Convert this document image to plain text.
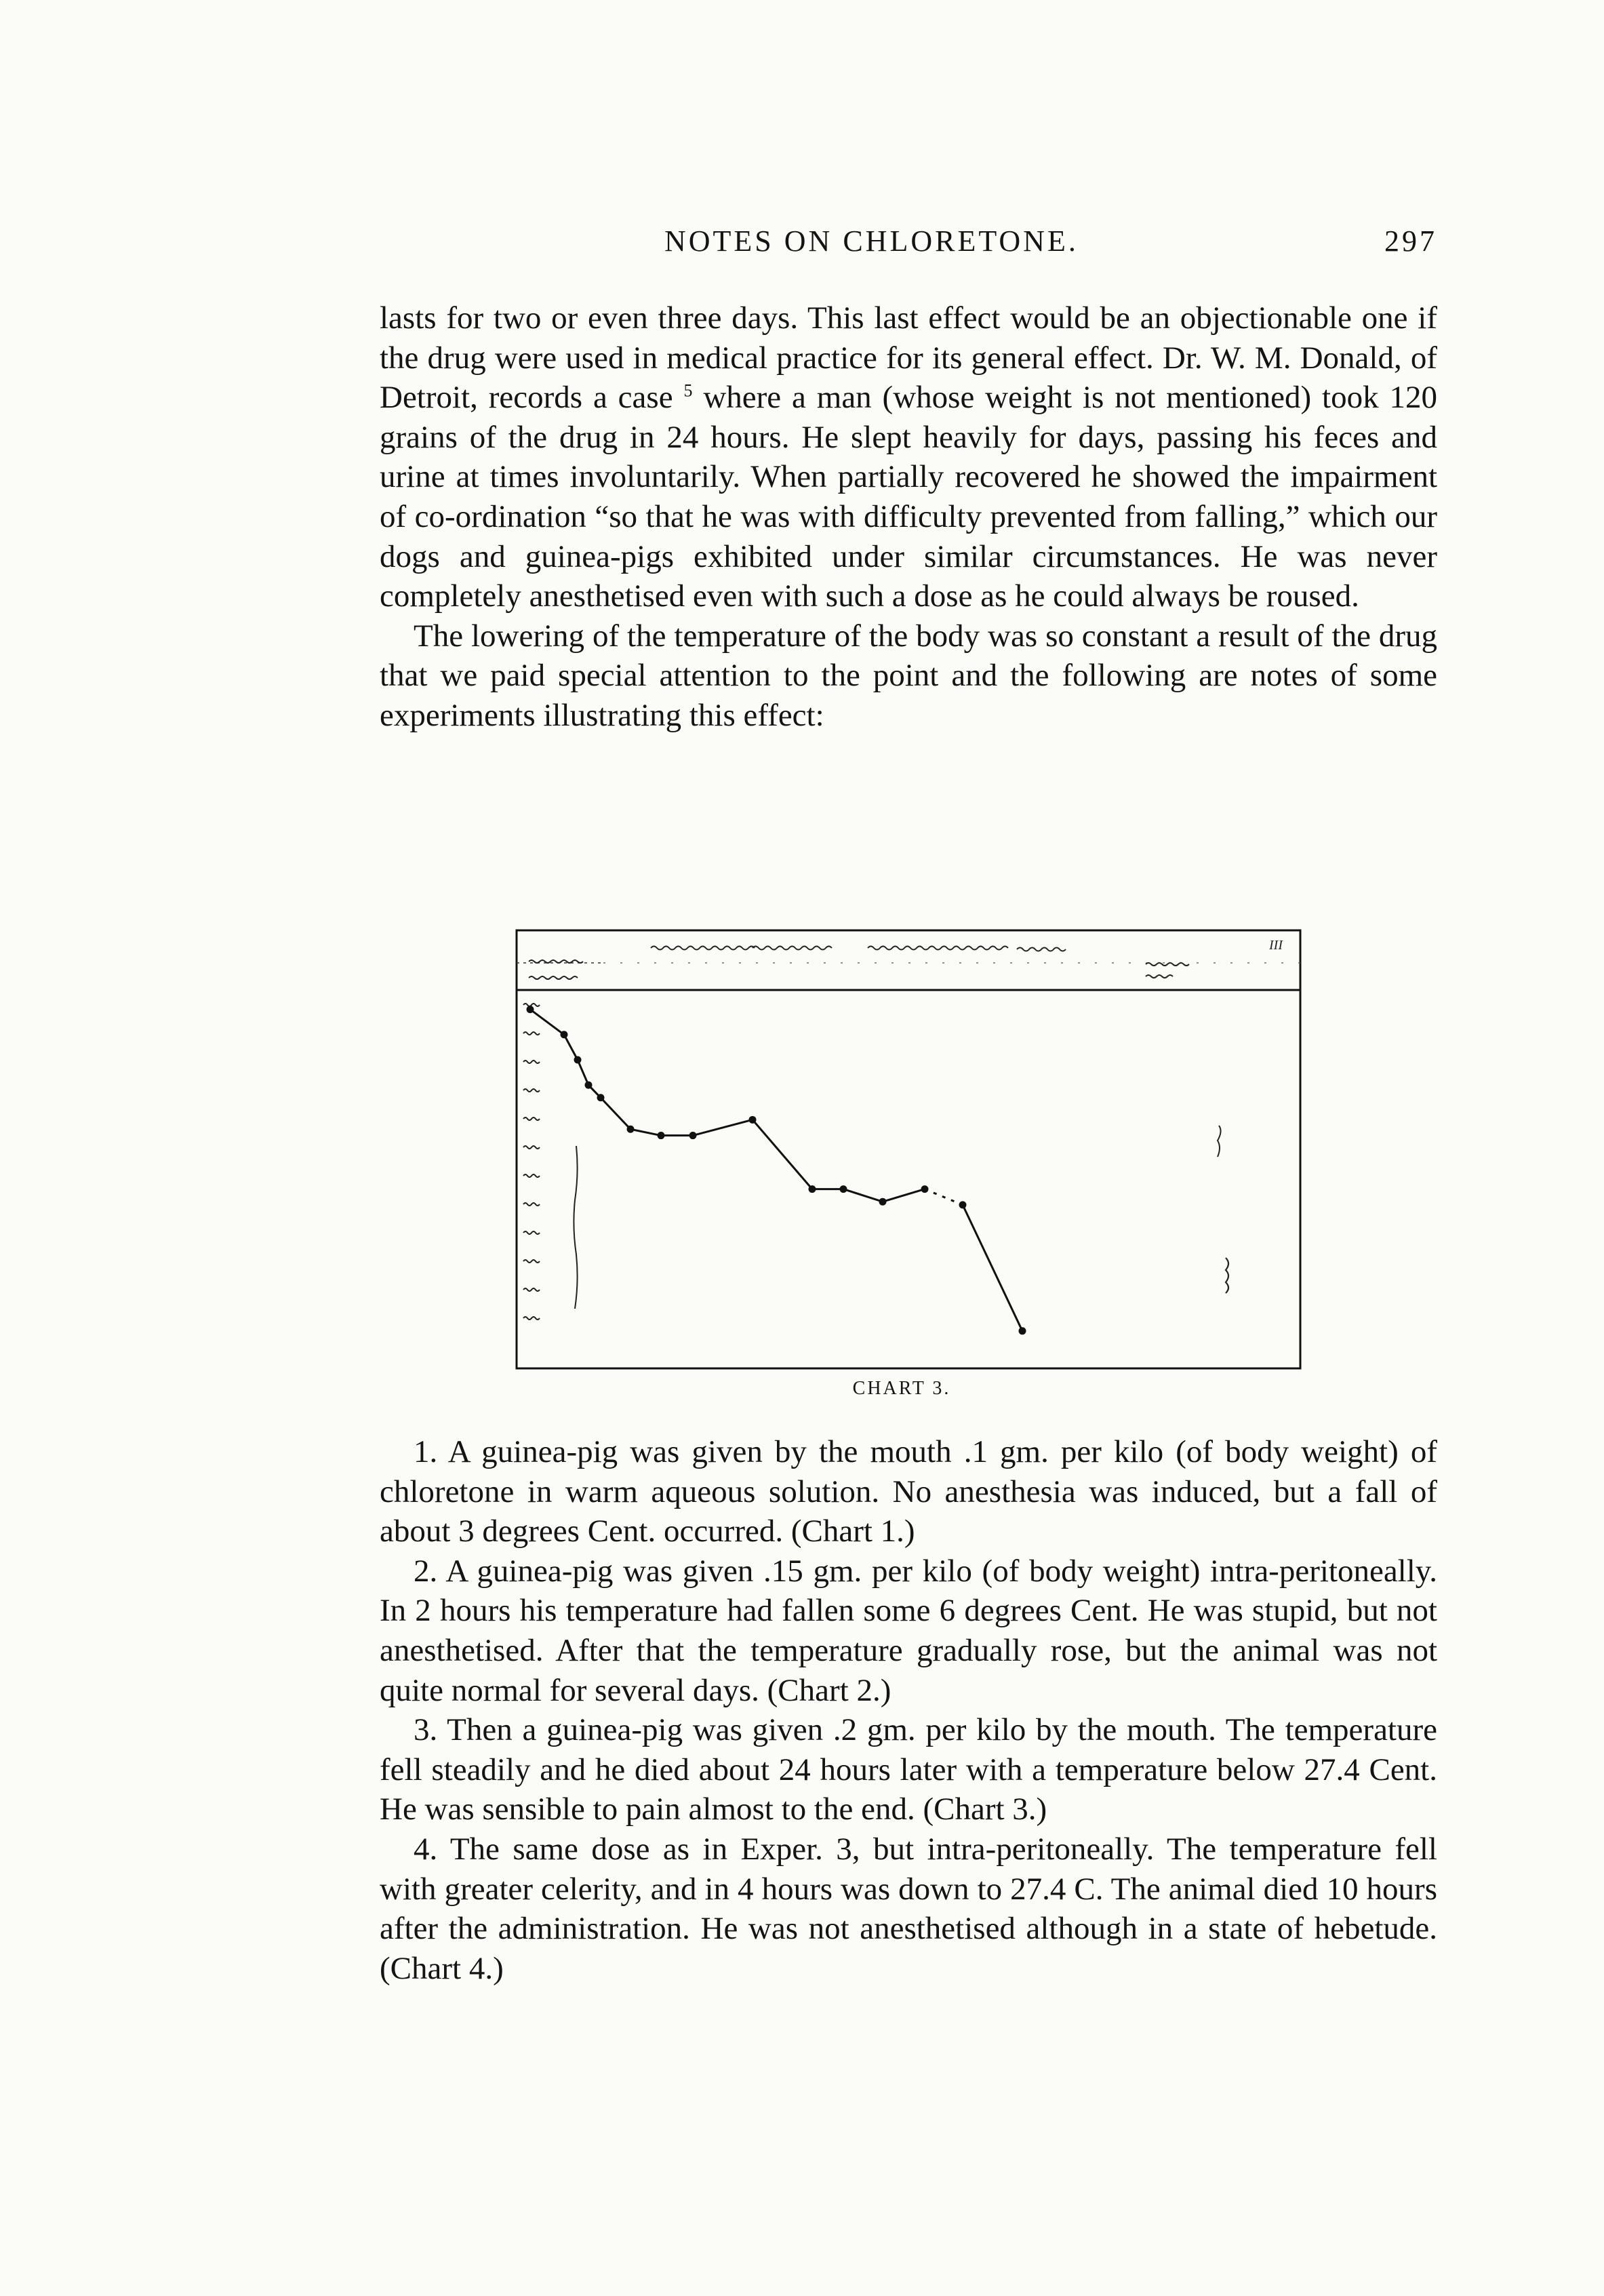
NOTES ON CHLORETONE.	297

lasts for two or even three days. This last effect would be an objectionable one if the drug were used in medical practice for its general effect. Dr. W. M. Donald, of Detroit, records a case $^5$ where a man (whose weight is not mentioned) took 120 grains of the drug in 24 hours. He slept heavily for days, passing his feces and urine at times involuntarily. When partially recovered he showed the impairment of co-ordination “so that he was with difficulty prevented from falling,” which our dogs and guinea-pigs exhibited under similar circumstances. He was never completely anesthetised even with such a dose as he could always be roused.

The lowering of the temperature of the body was so constant a result of the drug that we paid special attention to the point and the following are notes of some experiments illustrating this effect:

III
CHART 3.

1. A guinea-pig was given by the mouth .1 gm. per kilo (of body weight) of chloretone in warm aqueous solution. No anesthesia was induced, but a fall of about 3 degrees Cent. occurred. (Chart 1.)

2. A guinea-pig was given .15 gm. per kilo (of body weight) intra-peritoneally. In 2 hours his temperature had fallen some 6 degrees Cent. He was stupid, but not anesthetised. After that the temperature gradually rose, but the animal was not quite normal for several days. (Chart 2.)

3. Then a guinea-pig was given .2 gm. per kilo by the mouth. The temperature fell steadily and he died about 24 hours later with a temperature below 27.4 Cent. He was sensible to pain almost to the end. (Chart 3.)

4. The same dose as in Exper. 3, but intra-peritoneally. The temperature fell with greater celerity, and in 4 hours was down to 27.4 C. The animal died 10 hours after the administration. He was not anesthetised although in a state of hebetude. (Chart 4.)
